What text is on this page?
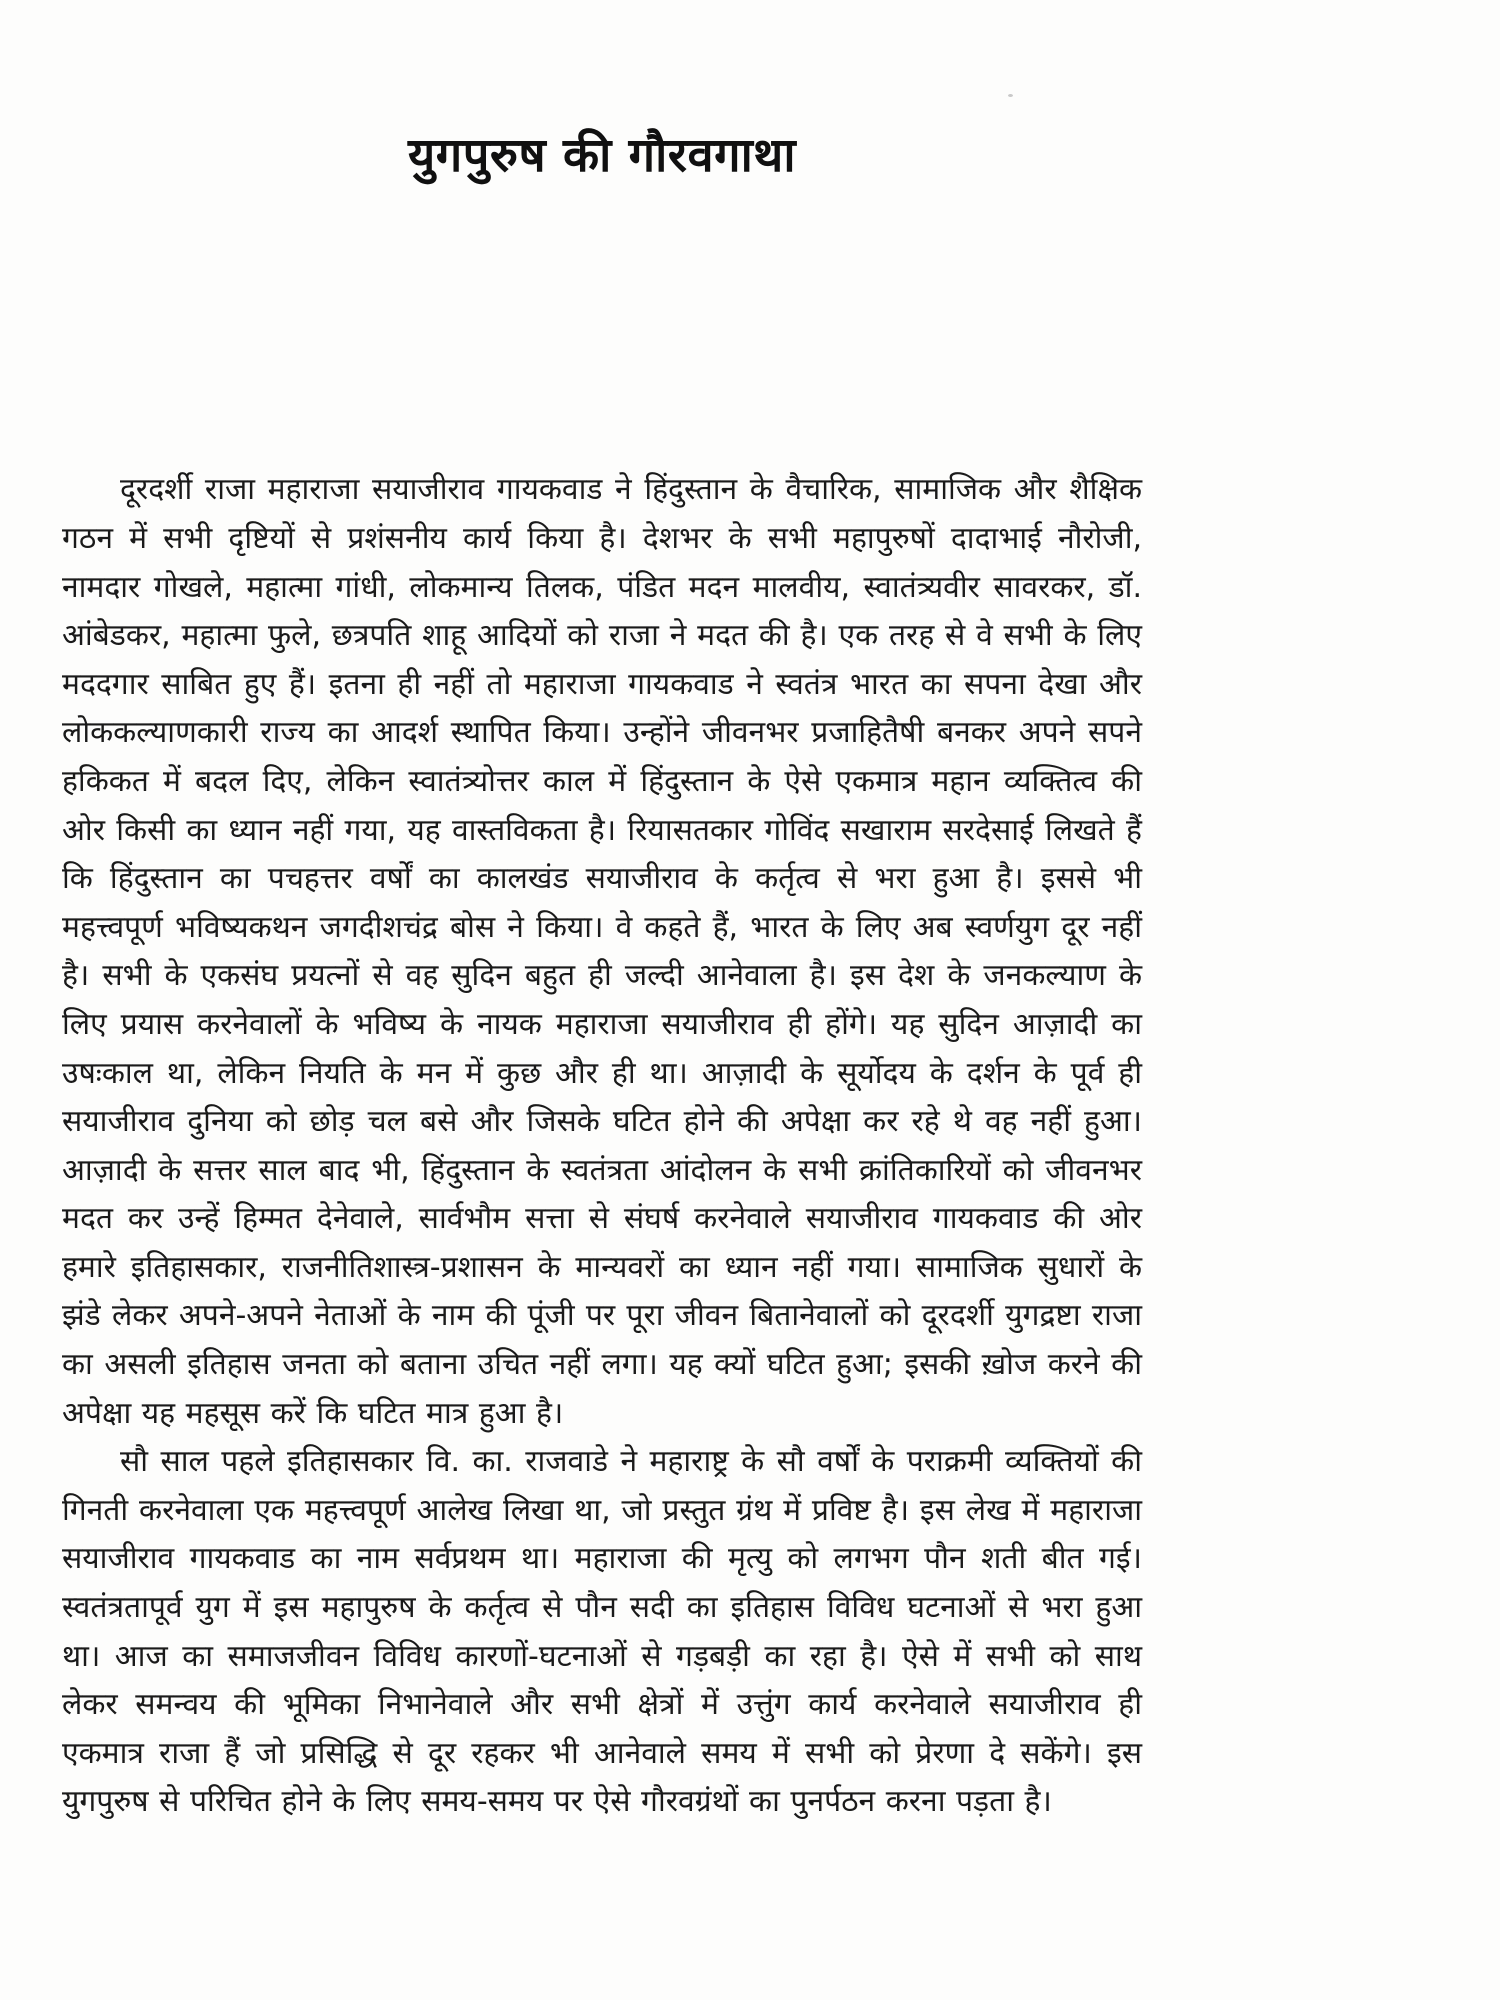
युगपुरुष की गौरवगाथा

दूरदर्शी राजा महाराजा सयाजीराव गायकवाड ने हिंदुस्तान के वैचारिक, सामाजिक और शैक्षिक गठन में सभी दृष्टियों से प्रशंसनीय कार्य किया है। देशभर के सभी महापुरुषों दादाभाई नौरोजी, नामदार गोखले, महात्मा गांधी, लोकमान्य तिलक, पंडित मदन मालवीय, स्वातंत्र्यवीर सावरकर, डॉ. आंबेडकर, महात्मा फुले, छत्रपति शाहू आदियों को राजा ने मदत की है। एक तरह से वे सभी के लिए मददगार साबित हुए हैं। इतना ही नहीं तो महाराजा गायकवाड ने स्वतंत्र भारत का सपना देखा और लोककल्याणकारी राज्य का आदर्श स्थापित किया। उन्होंने जीवनभर प्रजाहितैषी बनकर अपने सपने हकिकत में बदल दिए, लेकिन स्वातंत्र्योत्तर काल में हिंदुस्तान के ऐसे एकमात्र महान व्यक्तित्व की ओर किसी का ध्यान नहीं गया, यह वास्तविकता है। रियासतकार गोविंद सखाराम सरदेसाई लिखते हैं कि हिंदुस्तान का पचहत्तर वर्षों का कालखंड सयाजीराव के कर्तृत्व से भरा हुआ है। इससे भी महत्त्वपूर्ण भविष्यकथन जगदीशचंद्र बोस ने किया। वे कहते हैं, भारत के लिए अब स्वर्णयुग दूर नहीं है। सभी के एकसंघ प्रयत्नों से वह सुदिन बहुत ही जल्दी आनेवाला है। इस देश के जनकल्याण के लिए प्रयास करनेवालों के भविष्य के नायक महाराजा सयाजीराव ही होंगे। यह सुदिन आज़ादी का उषःकाल था, लेकिन नियति के मन में कुछ और ही था। आज़ादी के सूर्योदय के दर्शन के पूर्व ही सयाजीराव दुनिया को छोड़ चल बसे और जिसके घटित होने की अपेक्षा कर रहे थे वह नहीं हुआ। आज़ादी के सत्तर साल बाद भी, हिंदुस्तान के स्वतंत्रता आंदोलन के सभी क्रांतिकारियों को जीवनभर मदत कर उन्हें हिम्मत देनेवाले, सार्वभौम सत्ता से संघर्ष करनेवाले सयाजीराव गायकवाड की ओर हमारे इतिहासकार, राजनीतिशास्त्र-प्रशासन के मान्यवरों का ध्यान नहीं गया। सामाजिक सुधारों के झंडे लेकर अपने-अपने नेताओं के नाम की पूंजी पर पूरा जीवन बितानेवालों को दूरदर्शी युगद्रष्टा राजा का असली इतिहास जनता को बताना उचित नहीं लगा। यह क्यों घटित हुआ; इसकी ख़ोज करने की अपेक्षा यह महसूस करें कि घटित मात्र हुआ है।

सौ साल पहले इतिहासकार वि. का. राजवाडे ने महाराष्ट्र के सौ वर्षों के पराक्रमी व्यक्तियों की गिनती करनेवाला एक महत्त्वपूर्ण आलेख लिखा था, जो प्रस्तुत ग्रंथ में प्रविष्ट है। इस लेख में महाराजा सयाजीराव गायकवाड का नाम सर्वप्रथम था। महाराजा की मृत्यु को लगभग पौन शती बीत गई। स्वतंत्रतापूर्व युग में इस महापुरुष के कर्तृत्व से पौन सदी का इतिहास विविध घटनाओं से भरा हुआ था। आज का समाजजीवन विविध कारणों-घटनाओं से गड़बड़ी का रहा है। ऐसे में सभी को साथ लेकर समन्वय की भूमिका निभानेवाले और सभी क्षेत्रों में उत्तुंग कार्य करनेवाले सयाजीराव ही एकमात्र राजा हैं जो प्रसिद्धि से दूर रहकर भी आनेवाले समय में सभी को प्रेरणा दे सकेंगे। इस युगपुरुष से परिचित होने के लिए समय-समय पर ऐसे गौरवग्रंथों का पुनर्पठन करना पड़ता है।
